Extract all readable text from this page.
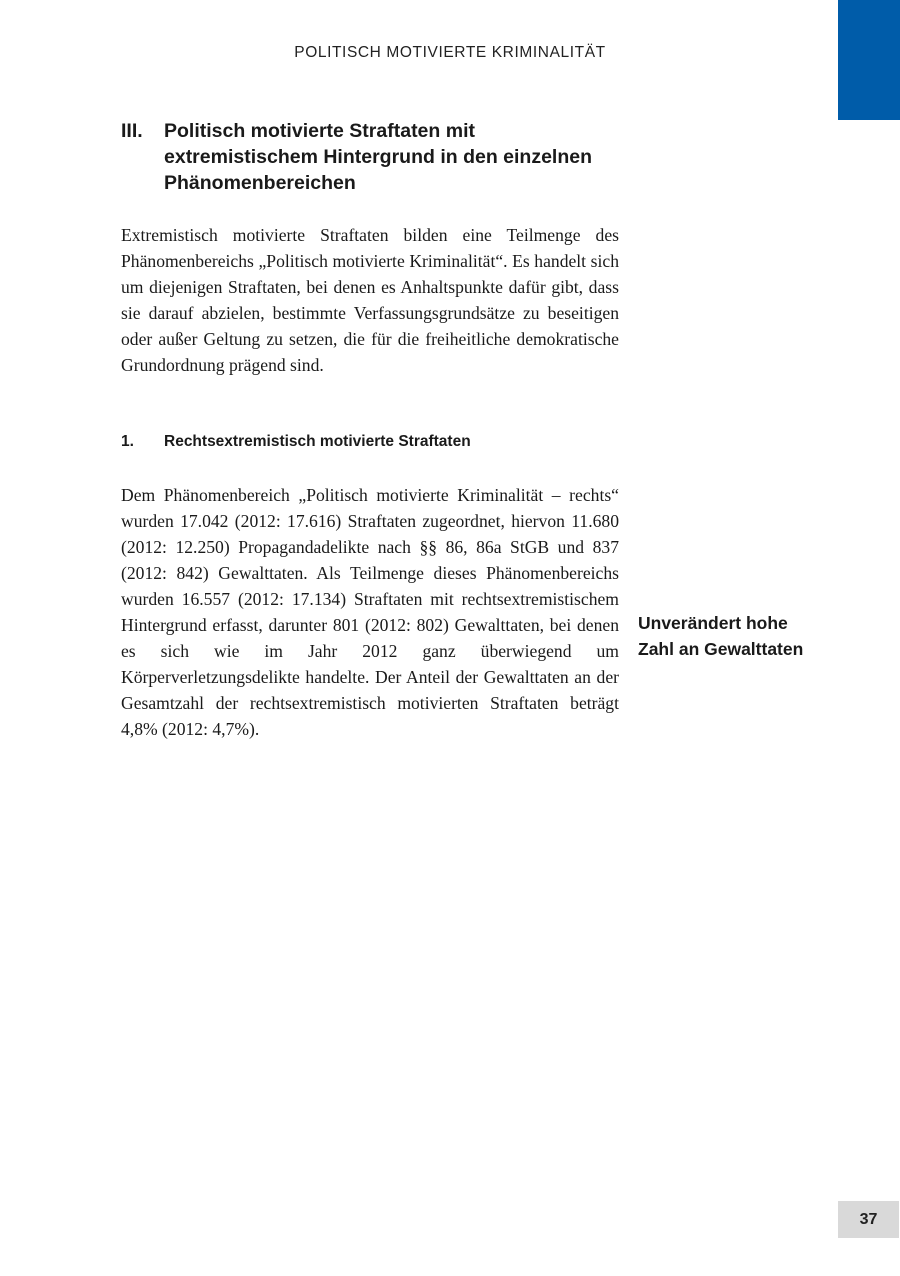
POLITISCH MOTIVIERTE KRIMINALITÄT
III. Politisch motivierte Straftaten mit extremistischem Hintergrund in den einzelnen Phänomenbereichen

Extremistisch motivierte Straftaten bilden eine Teilmenge des Phänomenbereichs „Politisch motivierte Kriminalität“. Es handelt sich um diejenigen Straftaten, bei denen es Anhaltspunkte dafür gibt, dass sie darauf abzielen, bestimmte Verfassungsgrundsätze zu beseitigen oder außer Geltung zu setzen, die für die freiheitliche demokratische Grundordnung prägend sind.

1. Rechtsextremistisch motivierte Straftaten

Dem Phänomenbereich „Politisch motivierte Kriminalität – rechts“ wurden 17.042 (2012: 17.616) Straftaten zugeordnet, hiervon 11.680 (2012: 12.250) Propagandadelikte nach §§ 86, 86a StGB und 837 (2012: 842) Gewalttaten. Als Teilmenge dieses Phänomenbereichs wurden 16.557 (2012: 17.134) Straftaten mit rechtsextremistischem Hintergrund erfasst, darunter 801 (2012: 802) Gewalttaten, bei denen es sich wie im Jahr 2012 ganz überwiegend um Körperverletzungsdelikte handelte. Der Anteil der Gewalttaten an der Gesamtzahl der rechtsextremistisch motivierten Straftaten beträgt 4,8% (2012: 4,7%).

Unverändert hohe Zahl an Gewalttaten
37
